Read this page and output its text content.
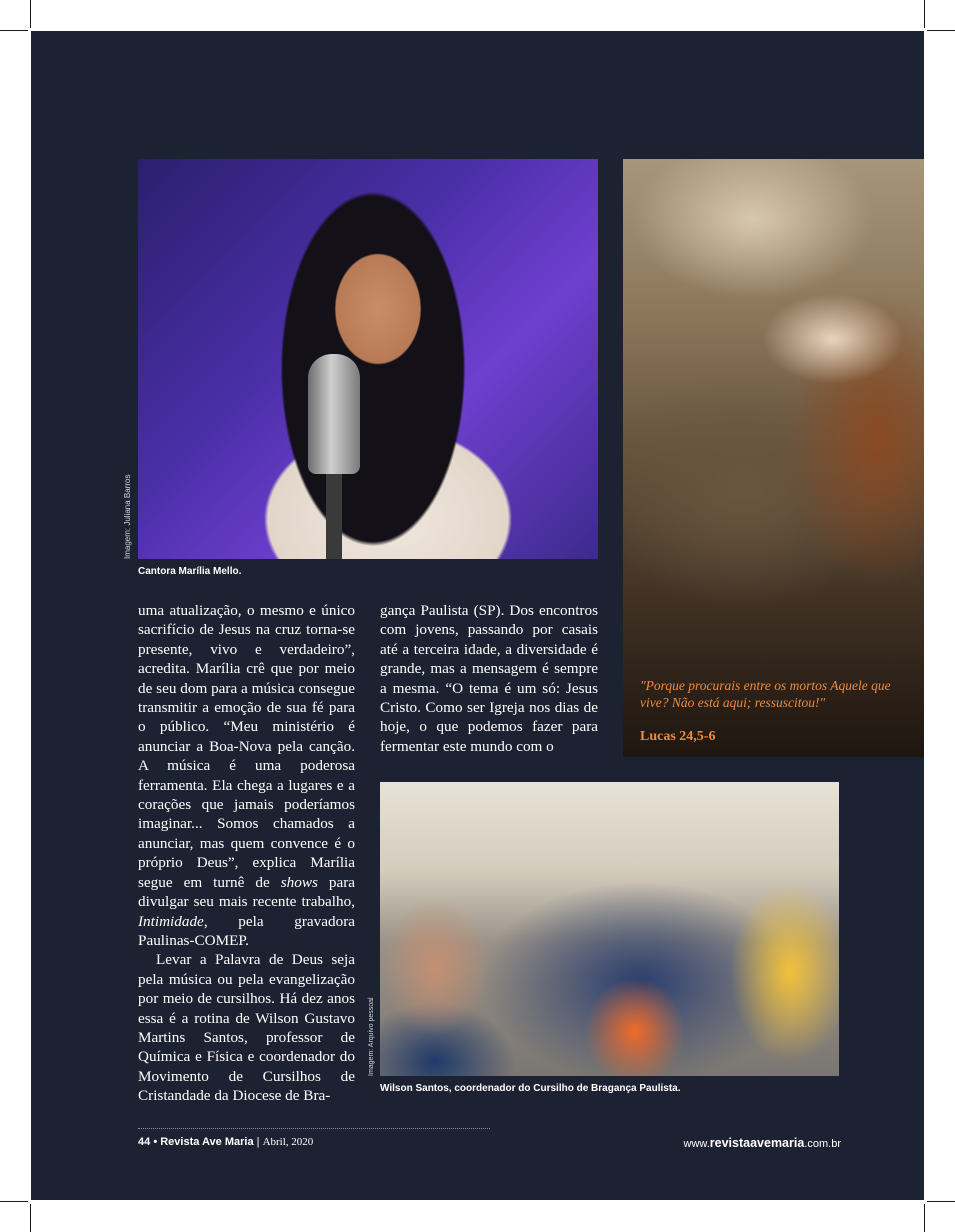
Imagem: Juliana Barros
Cantora Marília Mello.

"Porque procurais entre os mortos Aquele que vive? Não está aqui; ressuscitou!"

Lucas 24,5-6

uma atualização, o mesmo e único sacrifício de Jesus na cruz torna-se presente, vivo e verdadeiro”, acredita. Marília crê que por meio de seu dom para a música consegue transmitir a emoção de sua fé para o público. “Meu ministério é anunciar a Boa-Nova pela canção. A música é uma poderosa ferramenta. Ela chega a lugares e a corações que jamais poderíamos imaginar... Somos chamados a anunciar, mas quem convence é o próprio Deus”, explica Marília segue em turnê de shows para divulgar seu mais recente trabalho, Intimidade, pela gravadora Paulinas-COMEP.

Levar a Palavra de Deus seja pela música ou pela evangelização por meio de cursilhos. Há dez anos essa é a rotina de Wilson Gustavo Martins Santos, professor de Química e Física e coordenador do Movimento de Cursilhos de Cristandade da Diocese de Bra-

gança Paulista (SP). Dos encontros com jovens, passando por casais até a terceira idade, a diversidade é grande, mas a mensagem é sempre a mesma. “O tema é um só: Jesus Cristo. Como ser Igreja nos dias de hoje, o que podemos fazer para fermentar este mundo com o

Imagem: Arquivo pessoal
Wilson Santos, coordenador do Cursilho de Bragança Paulista.
44 • Revista Ave Maria | Abril, 2020	www.revistaavemaria.com.br
